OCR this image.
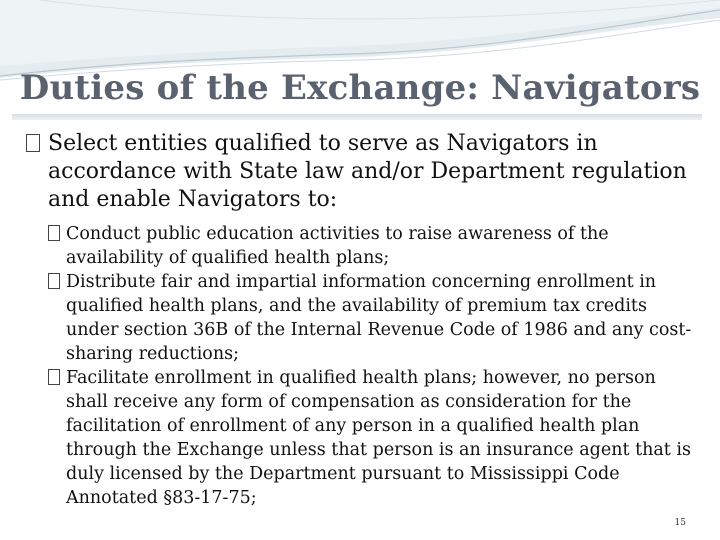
Duties of the Exchange: Navigators
Select entities qualified to serve as Navigators in accordance with State law and/or Department regulation and enable Navigators to:
Conduct public education activities to raise awareness of the availability of qualified health plans;
Distribute fair and impartial information concerning enrollment in qualified health plans, and the availability of premium tax credits under section 36B of the Internal Revenue Code of 1986 and any cost-sharing reductions;
Facilitate enrollment in qualified health plans; however, no person shall receive any form of compensation as consideration for the facilitation of enrollment of any person in a qualified health plan through the Exchange unless that person is an insurance agent that is duly licensed by the Department pursuant to Mississippi Code Annotated §83-17-75;
15
